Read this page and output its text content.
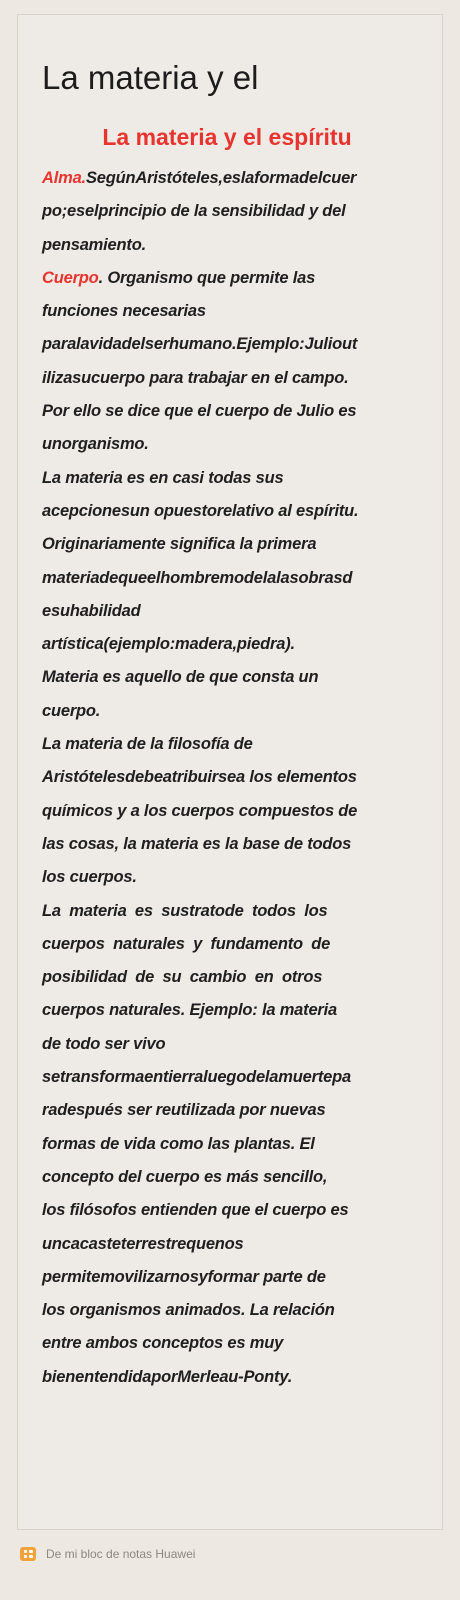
La materia y el
La materia y el espíritu
Alma.SegúnAristóteles,eslaformadelcuer
po;eselprincipio de la sensibilidad y del
pensamiento.
Cuerpo. Organismo que permite las
funciones necesarias
paralavidadelserhumano.Ejemplo:Juliout
ilizasucuerpo para trabajar en el campo.
Por ello se dice que el cuerpo de Julio es
unorganismo.
La materia es en casi todas sus
acepcionesun opuestorelativo al espíritu.
Originariamente significa la primera
materiadequeelhombremodelalasobrasd
esuhabilidad
artística(ejemplo:madera,piedra).
Materia es aquello de que consta un
cuerpo.
La materia de la filosofía de
Aristótelesdebeatribuirsea los elementos
químicos y a los cuerpos compuestos de
las cosas, la materia es la base de todos
los cuerpos.
La materia es sustratode todos los
cuerpos naturales y fundamento de
posibilidad de su cambio en otros
cuerpos naturales. Ejemplo: la materia
de todo ser vivo
setransformaentierraluegodelamuertepa
radespués ser reutilizada por nuevas
formas de vida como las plantas. El
concepto del cuerpo es más sencillo,
los filósofos entienden que el cuerpo es
uncacasteterrestrequenos
permitemovilizarnosyformar parte de
los organismos animados. La relación
entre ambos conceptos es muy
bienentendidaporMerleau-Ponty.
De mi bloc de notas Huawei
